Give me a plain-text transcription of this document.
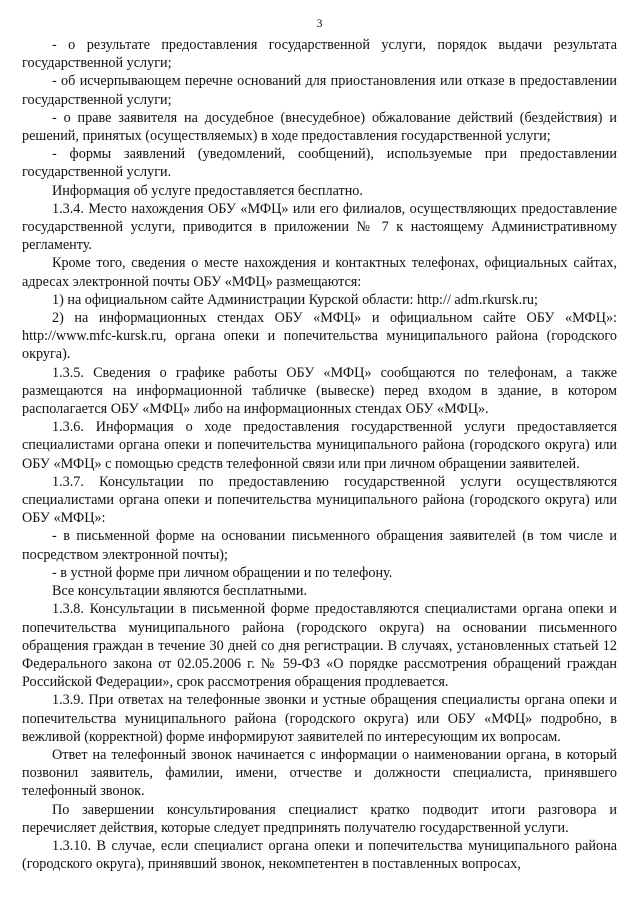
3

- о результате предоставления государственной услуги, порядок выдачи результата государственной услуги;

- об исчерпывающем перечне оснований для приостановления или отказе в предоставлении государственной услуги;

- о праве заявителя на досудебное (внесудебное) обжалование действий (бездействия) и решений, принятых (осуществляемых) в ходе предоставления государственной услуги;

- формы заявлений (уведомлений, сообщений), используемые при предоставлении государственной услуги.

Информация об услуге предоставляется бесплатно.

1.3.4. Место нахождения ОБУ «МФЦ» или его филиалов, осуществляющих предоставление государственной услуги, приводится в приложении № 7 к настоящему Административному регламенту.

Кроме того, сведения о месте нахождения и контактных телефонах, официальных сайтах, адресах электронной почты ОБУ «МФЦ» размещаются:

1) на официальном сайте Администрации Курской области: http:// adm.rkursk.ru;

2) на информационных стендах ОБУ «МФЦ» и официальном сайте ОБУ «МФЦ»: http://www.mfc-kursk.ru, органа опеки и попечительства муниципального района (городского округа).

1.3.5. Сведения о графике работы ОБУ «МФЦ» сообщаются по телефонам, а также размещаются на информационной табличке (вывеске) перед входом в здание, в котором располагается ОБУ «МФЦ» либо на информационных стендах ОБУ «МФЦ».

1.3.6. Информация о ходе предоставления государственной услуги предоставляется специалистами органа опеки и попечительства муниципального района (городского округа) или ОБУ «МФЦ» с помощью средств телефонной связи или при личном обращении заявителей.

1.3.7. Консультации по предоставлению государственной услуги осуществляются специалистами органа опеки и попечительства муниципального района (городского округа) или ОБУ «МФЦ»:

- в письменной форме на основании письменного обращения заявителей (в том числе и посредством электронной почты);

- в устной форме при личном обращении и по телефону.

Все консультации являются бесплатными.

1.3.8. Консультации в письменной форме предоставляются специалистами органа опеки и попечительства муниципального района (городского округа) на основании письменного обращения граждан в течение 30 дней со дня регистрации. В случаях, установленных статьей 12 Федерального закона от 02.05.2006 г. № 59-ФЗ «О порядке рассмотрения обращений граждан Российской Федерации», срок рассмотрения обращения продлевается.

1.3.9. При ответах на телефонные звонки и устные обращения специалисты органа опеки и попечительства муниципального района (городского округа) или ОБУ «МФЦ» подробно, в вежливой (корректной) форме информируют заявителей по интересующим их вопросам.

Ответ на телефонный звонок начинается с информации о наименовании органа, в который позвонил заявитель, фамилии, имени, отчестве и должности специалиста, принявшего телефонный звонок.

По завершении консультирования специалист кратко подводит итоги разговора и перечисляет действия, которые следует предпринять получателю государственной услуги.

1.3.10. В случае, если специалист органа опеки и попечительства муниципального района (городского округа), принявший звонок, некомпетентен в поставленных вопросах,
